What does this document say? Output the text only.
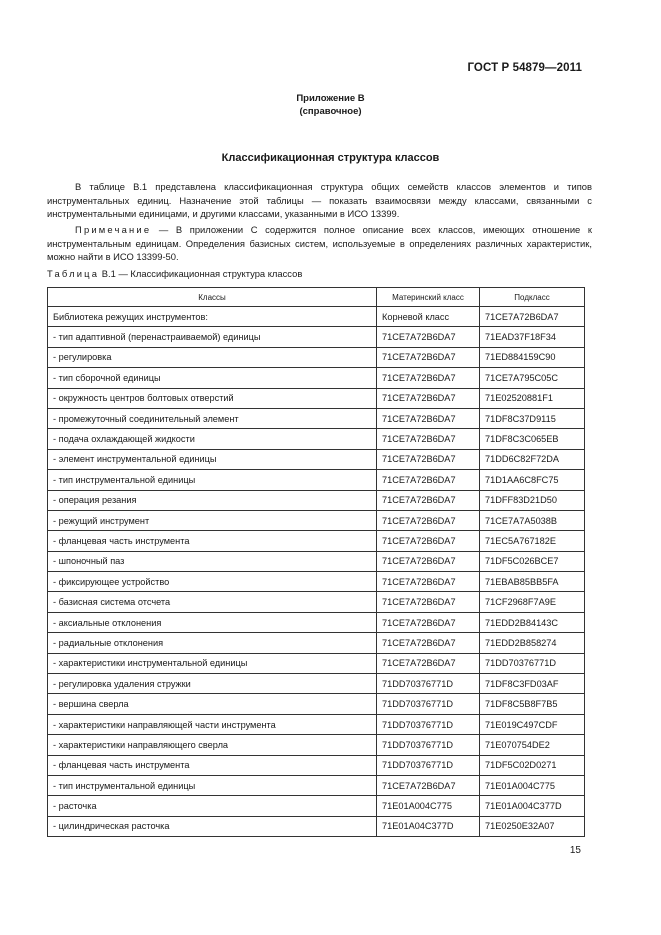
ГОСТ Р 54879—2011
Приложение В
(справочное)
Классификационная структура классов
В таблице В.1 представлена классификационная структура общих семейств классов элементов и типов инструментальных единиц. Назначение этой таблицы — показать взаимосвязи между классами, связанными с инструментальными единицами, и другими классами, указанными в ИСО 13399.
Примечание — В приложении С содержится полное описание всех классов, имеющих отношение к инструментальным единицам. Определения базисных систем, используемые в определениях различных характеристик, можно найти в ИСО 13399-50.
Таблица В.1 — Классификационная структура классов
Классы	Материнский класс	Подкласс
Библиотека режущих инструментов:	Корневой класс	71CE7A72B6DA7
- тип адаптивной (перенастраиваемой) единицы	71CE7A72B6DA7	71EAD37F18F34
- регулировка	71CE7A72B6DA7	71ED884159C90
- тип сборочной единицы	71CE7A72B6DA7	71CE7A795C05C
- окружность центров болтовых отверстий	71CE7A72B6DA7	71E02520881F1
- промежуточный соединительный элемент	71CE7A72B6DA7	71DF8C37D9115
- подача охлаждающей жидкости	71CE7A72B6DA7	71DF8C3C065EB
- элемент инструментальной единицы	71CE7A72B6DA7	71DD6C82F72DA
- тип инструментальной единицы	71CE7A72B6DA7	71D1AA6C8FC75
- операция резания	71CE7A72B6DA7	71DFF83D21D50
- режущий инструмент	71CE7A72B6DA7	71CE7A7A5038B
- фланцевая часть инструмента	71CE7A72B6DA7	71EC5A767182E
- шпоночный паз	71CE7A72B6DA7	71DF5C026BCE7
- фиксирующее устройство	71CE7A72B6DA7	71EBAB85BB5FA
- базисная система отсчета	71CE7A72B6DA7	71CF2968F7A9E
- аксиальные отклонения	71CE7A72B6DA7	71EDD2B84143C
- радиальные отклонения	71CE7A72B6DA7	71EDD2B858274
- характеристики инструментальной единицы	71CE7A72B6DA7	71DD70376771D
- регулировка удаления стружки	71DD70376771D	71DF8C3FD03AF
- вершина сверла	71DD70376771D	71DF8C5B8F7B5
- характеристики направляющей части инструмента	71DD70376771D	71E019C497CDF
- характеристики направляющего сверла	71DD70376771D	71E070754DE2
- фланцевая часть инструмента	71DD70376771D	71DF5C02D0271
- тип инструментальной единицы	71CE7A72B6DA7	71E01A004C775
- расточка	71E01A004C775	71E01A004C377D
- цилиндрическая расточка	71E01A04C377D	71E0250E32A07
15
